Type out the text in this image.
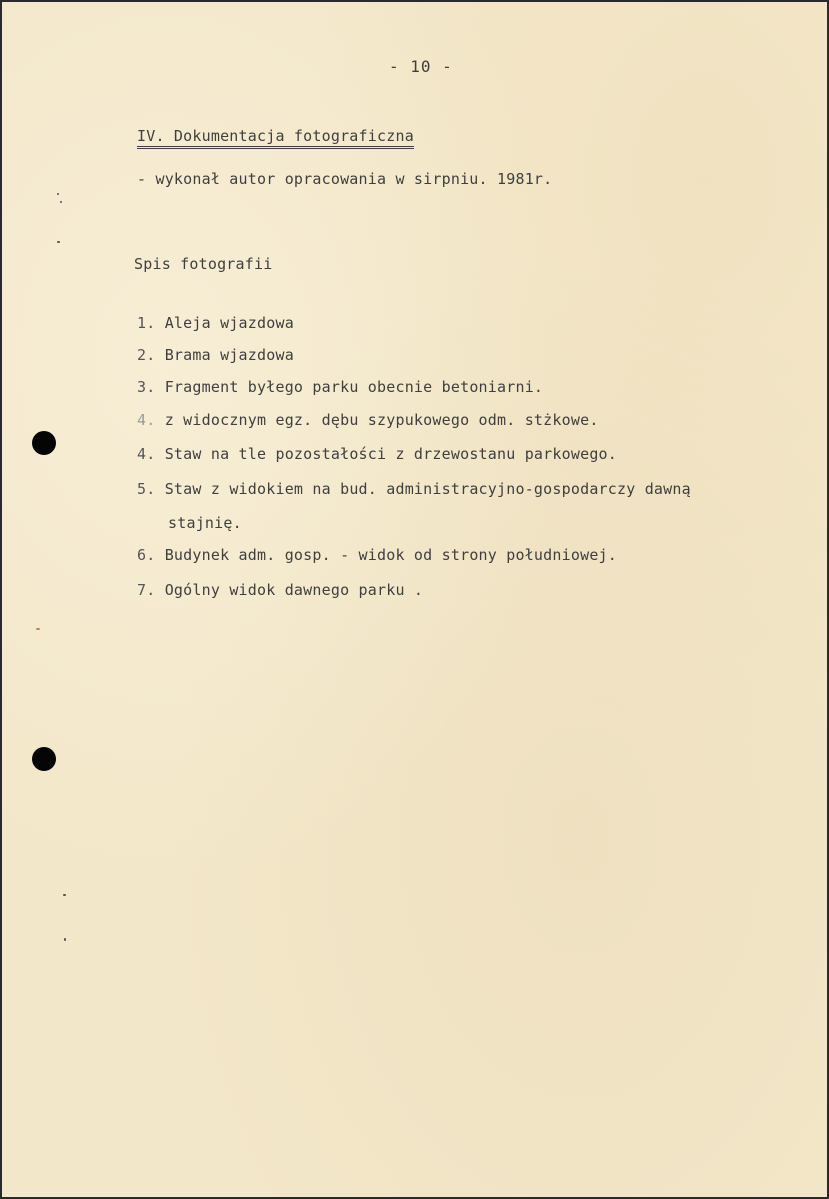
- 10 -
IV. Dokumentacja fotograficzna
- wykonał autor opracowania w sirpniu. 1981r.
Spis fotografii
1. Aleja wjazdowa
2. Brama wjazdowa
3. Fragment byłego parku obecnie betoniarni.
4. z widocznym egz. dębu szypukowego odm. stżkowe.
4. Staw na tle pozostałości z drzewostanu parkowego.
5. Staw z widokiem na bud. administracyjno-gospodarczy dawną
stajnię.
6. Budynek adm. gosp. - widok od strony południowej.
7. Ogólny widok dawnego parku .
